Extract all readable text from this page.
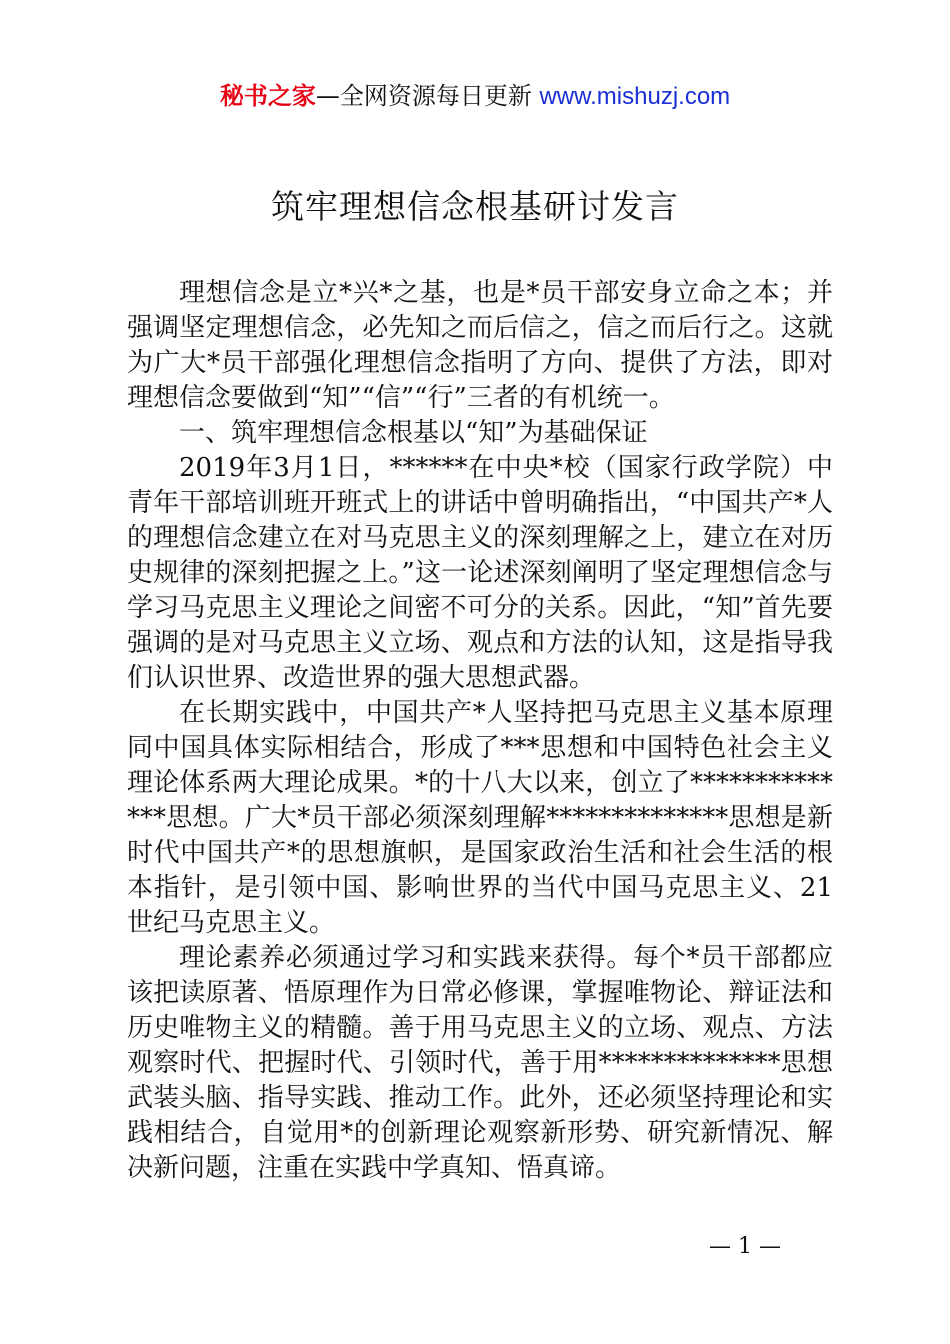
秘书之家—全网资源每日更新 www.mishuzj.com
筑牢理想信念根基研讨发言

理想信念是立*兴*之基，也是*员干部安身立命之本；并强调坚定理想信念，必先知之而后信之，信之而后行之。这就为广大*员干部强化理想信念指明了方向、提供了方法，即对理想信念要做到“知”“信”“行”三者的有机统一。

一、筑牢理想信念根基以“知”为基础保证

2019年3月1日，******在中央*校（国家行政学院）中青年干部培训班开班式上的讲话中曾明确指出，“中国共产*人的理想信念建立在对马克思主义的深刻理解之上，建立在对历史规律的深刻把握之上。”这一论述深刻阐明了坚定理想信念与学习马克思主义理论之间密不可分的关系。因此，“知”首先要强调的是对马克思主义立场、观点和方法的认知，这是指导我们认识世界、改造世界的强大思想武器。

在长期实践中，中国共产*人坚持把马克思主义基本原理同中国具体实际相结合，形成了***思想和中国特色社会主义理论体系两大理论成果。*的十八大以来，创立了**************思想。广大*员干部必须深刻理解**************思想是新时代中国共产*的思想旗帜，是国家政治生活和社会生活的根本指针，是引领中国、影响世界的当代中国马克思主义、21世纪马克思主义。

理论素养必须通过学习和实践来获得。每个*员干部都应该把读原著、悟原理作为日常必修课，掌握唯物论、辩证法和历史唯物主义的精髓。善于用马克思主义的立场、观点、方法观察时代、把握时代、引领时代，善于用**************思想武装头脑、指导实践、推动工作。此外，还必须坚持理论和实践相结合，自觉用*的创新理论观察新形势、研究新情况、解决新问题，注重在实践中学真知、悟真谛。

— 1 —
